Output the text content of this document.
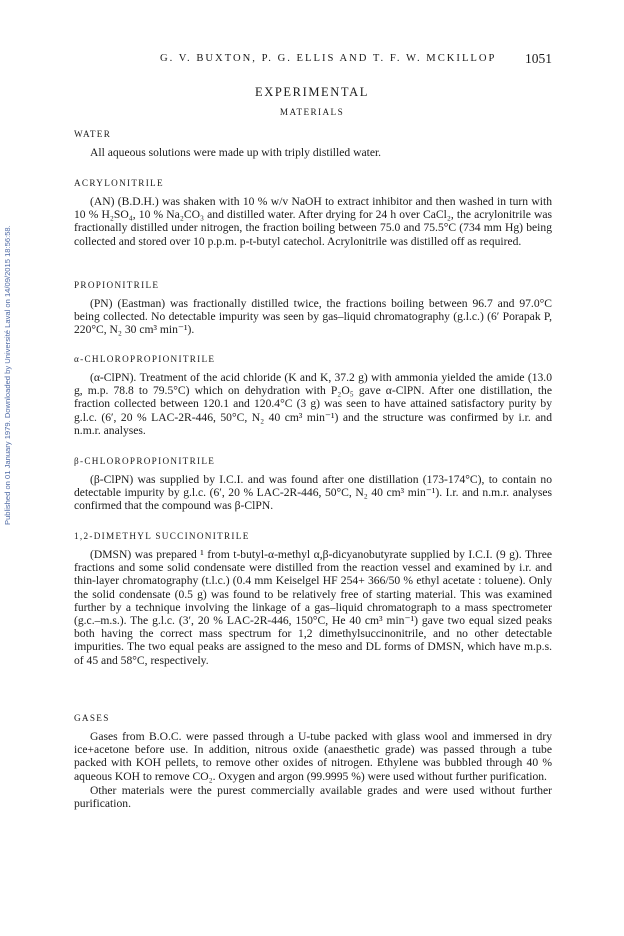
Published on 01 January 1979. Downloaded by Université Laval on 14/09/2015 18:56:58.
G. V. BUXTON, P. G. ELLIS AND T. F. W. MCKILLOP 1051
EXPERIMENTAL
MATERIALS
WATER

All aqueous solutions were made up with triply distilled water.

ACRYLONITRILE

(AN) (B.D.H.) was shaken with 10 % w/v NaOH to extract inhibitor and then washed in turn with 10 % H₂SO₄, 10 % Na₂CO₃ and distilled water. After drying for 24 h over CaCl₂, the acrylonitrile was fractionally distilled under nitrogen, the fraction boiling between 75.0 and 75.5°C (734 mm Hg) being collected and stored over 10 p.p.m. p-t-butyl catechol. Acrylonitrile was distilled off as required.

PROPIONITRILE

(PN) (Eastman) was fractionally distilled twice, the fractions boiling between 96.7 and 97.0°C being collected. No detectable impurity was seen by gas–liquid chromatography (g.l.c.) (6′ Porapak P, 220°C, N₂ 30 cm³ min⁻¹).

α-CHLOROPROPIONITRILE

(α-ClPN). Treatment of the acid chloride (K and K, 37.2 g) with ammonia yielded the amide (13.0 g, m.p. 78.8 to 79.5°C) which on dehydration with P₂O₅ gave α-ClPN. After one distillation, the fraction collected between 120.1 and 120.4°C (3 g) was seen to have attained satisfactory purity by g.l.c. (6′, 20 % LAC-2R-446, 50°C, N₂ 40 cm³ min⁻¹) and the structure was confirmed by i.r. and n.m.r. analyses.

β-CHLOROPROPIONITRILE

(β-ClPN) was supplied by I.C.I. and was found after one distillation (173-174°C), to contain no detectable impurity by g.l.c. (6′, 20 % LAC-2R-446, 50°C, N₂ 40 cm³ min⁻¹). I.r. and n.m.r. analyses confirmed that the compound was β-ClPN.

1,2-DIMETHYL SUCCINONITRILE

(DMSN) was prepared ¹ from t-butyl-α-methyl α,β-dicyanobutyrate supplied by I.C.I. (9 g). Three fractions and some solid condensate were distilled from the reaction vessel and examined by i.r. and thin-layer chromatography (t.l.c.) (0.4 mm Keiselgel HF 254+ 366/50 % ethyl acetate : toluene). Only the solid condensate (0.5 g) was found to be relatively free of starting material. This was examined further by a technique involving the linkage of a gas–liquid chromatograph to a mass spectrometer (g.c.–m.s.). The g.l.c. (3′, 20 % LAC-2R-446, 150°C, He 40 cm³ min⁻¹) gave two equal sized peaks both having the correct mass spectrum for 1,2 dimethylsuccinonitrile, and no other detectable impurities. The two equal peaks are assigned to the meso and DL forms of DMSN, which have m.p.s. of 45 and 58°C, respectively.

GASES

Gases from B.O.C. were passed through a U-tube packed with glass wool and immersed in dry ice+acetone before use. In addition, nitrous oxide (anaesthetic grade) was passed through a tube packed with KOH pellets, to remove other oxides of nitrogen. Ethylene was bubbled through 40 % aqueous KOH to remove CO₂. Oxygen and argon (99.9995 %) were used without further purification.

Other materials were the purest commercially available grades and were used without further purification.
